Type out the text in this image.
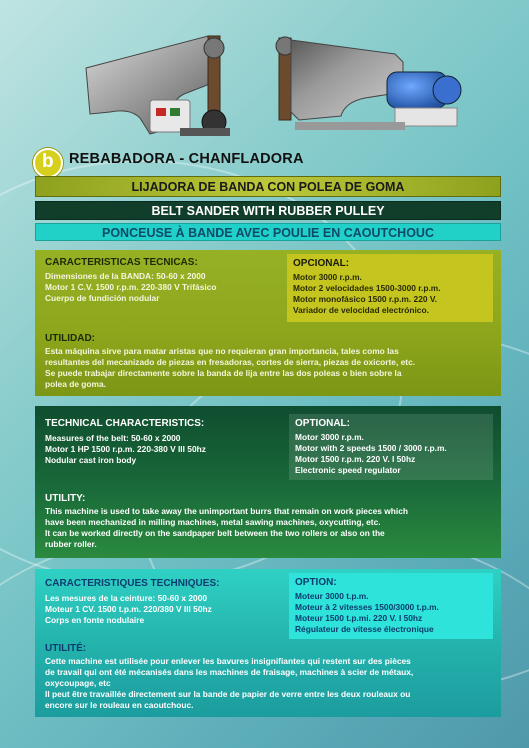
b REBABADORA - CHANFLADORA
LIJADORA DE BANDA CON POLEA DE GOMA
BELT SANDER WITH RUBBER PULLEY
PONCEUSE À BANDE AVEC POULIE EN CAOUTCHOUC
CARACTERISTICAS TECNICAS:
Dimensiones de la BANDA: 50-60 x 2000
Motor 1 C.V. 1500 r.p.m. 220-380 V Trifásico
Cuerpo de fundición nodular
OPCIONAL:
Motor 3000 r.p.m.
Motor 2 velocidades 1500-3000 r.p.m.
Motor monofásico 1500 r.p.m. 220 V.
Variador de velocidad electrónico.
UTILIDAD:
Esta máquina sirve para matar aristas que no requieran gran importancia, tales como las
resultantes del mecanizado de piezas en fresadoras, cortes de sierra, piezas de oxicorte, etc.
Se puede trabajar directamente sobre la banda de lija entre las dos poleas o bien sobre la
polea de goma.
TECHNICAL CHARACTERISTICS:
Measures of the belt: 50-60 x 2000
Motor 1 HP 1500 r.p.m. 220-380 V III 50hz
Nodular cast iron body
OPTIONAL:
Motor 3000 r.p.m.
Motor with 2 speeds 1500 / 3000 r.p.m.
Motor 1500 r.p.m. 220 V. I 50hz
Electronic speed regulator
UTILITY:
This machine is used to take away the unimportant burrs that remain on work pieces which
have been mechanized in milling machines, metal sawing machines, oxycutting, etc.
It can be worked directly on the sandpaper belt between the two rollers or also on the
rubber roller.
CARACTERISTIQUES TECHNIQUES:
Les mesures de la ceinture: 50-60 x 2000
Moteur 1 CV. 1500 t.p.m. 220/380 V III 50hz
Corps en fonte nodulaire
OPTION:
Moteur 3000 t.p.m.
Moteur à 2 vitesses 1500/3000 t.p.m.
Moteur 1500 t.p.mi. 220 V. I 50hz
Régulateur de vitesse électronique
UTILITÉ:
Cette machine est utilisée pour enlever les bavures insignifiantes qui restent sur des pièces
de travail qui ont été mécanisés dans les machines de fraisage, machines à scier de métaux,
oxycoupage, etc
Il peut être travaillée directement sur la bande de papier de verre entre les deux rouleaux ou
encore sur le rouleau en caoutchouc.
